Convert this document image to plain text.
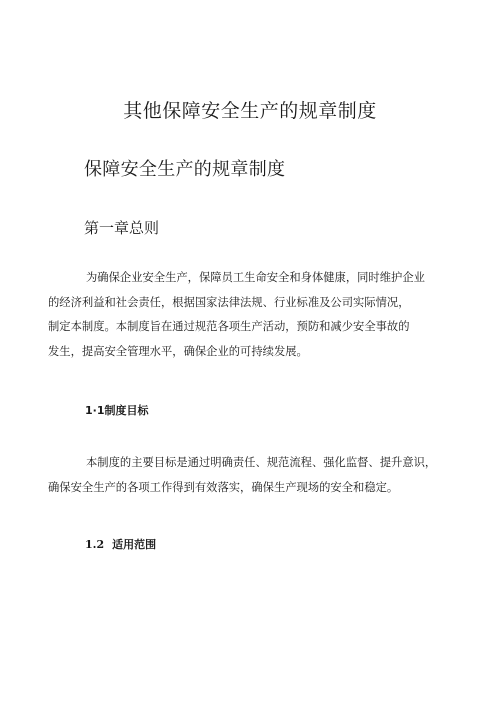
其他保障安全生产的规章制度
保障安全生产的规章制度
第一章总则

为确保企业安全生产，保障员工生命安全和身体健康，同时维护企业
的经济利益和社会责任，根据国家法律法规、行业标准及公司实际情况，
制定本制度。本制度旨在通过规范各项生产活动，预防和减少安全事故的
发生，提高安全管理水平，确保企业的可持续发展。

1·1制度目标

本制度的主要目标是通过明确责任、规范流程、强化监督、提升意识，
确保安全生产的各项工作得到有效落实，确保生产现场的安全和稳定。

1.2 适用范围
